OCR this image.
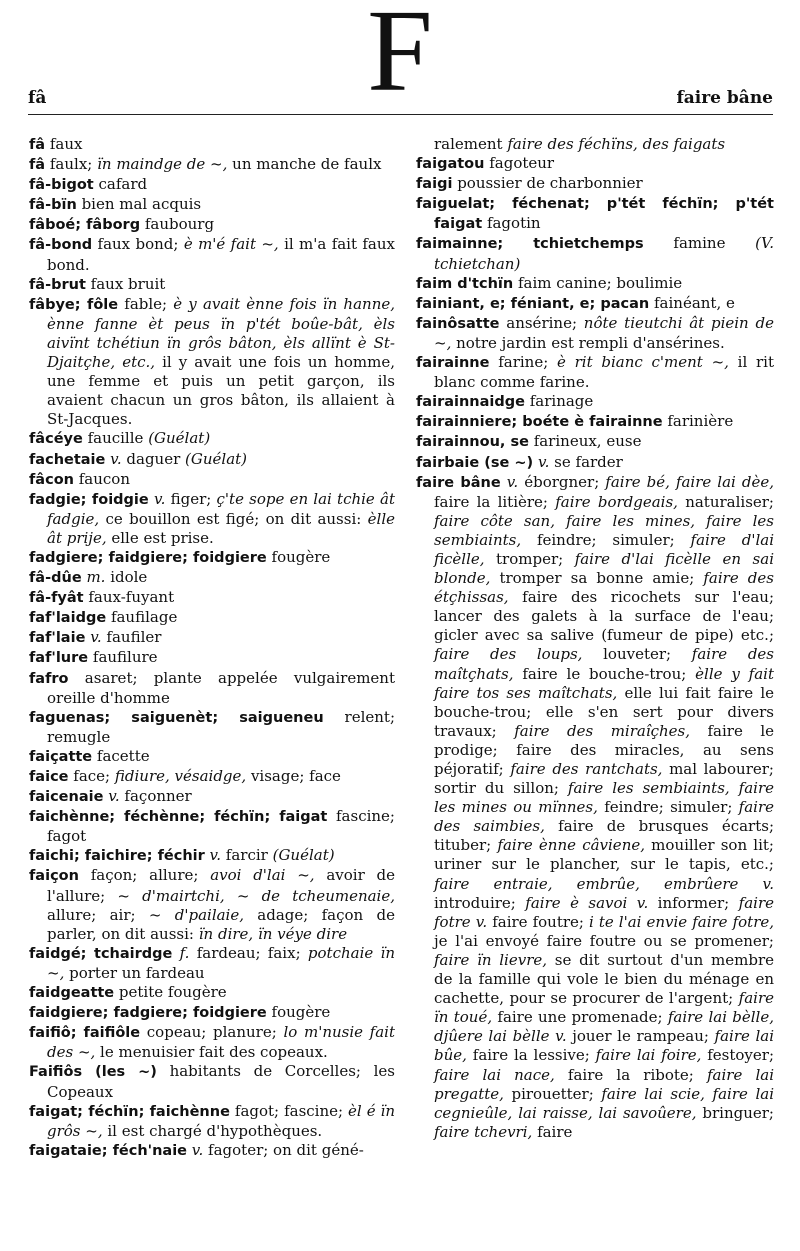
F
fâ	faire bâne

fâ faux

fâ faulx; ïn maindge de ~, un manche de faulx

fâ-bigot cafard

fâ-bïn bien mal acquis

fâboé; fâborg faubourg

fâ-bond faux bond; è m'é fait ~, il m'a fait faux bond.

fâ-brut faux bruit

fâbye; fôle fable; è y avait ènne fois ïn hanne, ènne fanne èt peus ïn p'tét boûe-bât, èls aivïnt tchétiun ïn grôs bâton, èls allïnt è St-Djaitçhe, etc., il y avait une fois un homme, une femme et puis un petit garçon, ils avaient chacun un gros bâton, ils allaient à St-Jacques.

fâcéye faucille (Guélat)

fachetaie v. daguer (Guélat)

fâcon faucon

fadgie; foidgie v. figer; ç'te sope en lai tchie ât fadgie, ce bouillon est figé; on dit aussi: èlle ât prije, elle est prise.

fadgiere; faidgiere; foidgiere fougère

fâ-dûe m. idole

fâ-fyât faux-fuyant

faf'laidge faufilage

faf'laie v. faufiler

faf'lure faufilure

fafro asaret; plante appelée vulgairement oreille d'homme

faguenas; saiguenèt; saigueneu relent; remugle

faiçatte facette

faice face; fidiure, vésaidge, visage; face

faicenaie v. façonner

faichènne; féchènne; féchïn; faigat fascine; fagot

faichi; faichire; féchir v. farcir (Guélat)

faiçon façon; allure; avoi d'lai ~, avoir de l'allure; ~ d'mairtchi, ~ de tcheumenaie, allure; air; ~ d'pailaie, adage; façon de parler, on dit aussi: ïn dire, ïn véye dire

faidgé; tchairdge f. fardeau; faix; potchaie ïn ~, porter un fardeau

faidgeatte petite fougère

faidgiere; fadgiere; foidgiere fougère

faifiô; faifiôle copeau; planure; lo m'nusie fait des ~, le menuisier fait des copeaux.

Faifiôs (les ~) habitants de Corcelles; les Copeaux

faigat; féchïn; faichènne fagot; fascine; èl é ïn grôs ~, il est chargé d'hypothèques.

faigataie; féch'naie v. fagoter; on dit géné-

ralement faire des féchïns, des faigats

faigatou fagoteur

faigi poussier de charbonnier

faiguelat; féchenat; p'tét féchïn; p'tét faigat fagotin

faimainne; tchietchemps famine (V. tchietchan)

faim d'tchïn faim canine; boulimie

fainiant, e; féniant, e; pacan fainéant, e

fainôsatte ansérine; nôte tieutchi ât piein de ~, notre jardin est rempli d'ansérines.

fairainne farine; è rit bianc c'ment ~, il rit blanc comme farine.

fairainnaidge farinage

fairainniere; boéte è fairainne farinière

fairainnou, se farineux, euse

fairbaie (se ~) v. se farder

faire bâne v. éborgner; faire bé, faire lai dèe, faire la litière; faire bordgeais, naturaliser; faire côte san, faire les mines, faire les sembiaints, feindre; simuler; faire d'lai ficèlle, tromper; faire d'lai ficèlle en sai blonde, tromper sa bonne amie; faire des étçhissas, faire des ricochets sur l'eau; lancer des galets à la surface de l'eau; gicler avec sa salive (fumeur de pipe) etc.; faire des loups, louveter; faire des maîtçhats, faire le bouche-trou; èlle y fait faire tos ses maîtchats, elle lui fait faire le bouche-trou; elle s'en sert pour divers travaux; faire des miraîçhes, faire le prodige; faire des miracles, au sens péjoratif; faire des rantchats, mal labourer; sortir du sillon; faire les sembiaints, faire les mines ou mïnnes, feindre; simuler; faire des saimbies, faire de brusques écarts; tituber; faire ènne câviene, mouiller son lit; uriner sur le plancher, sur le tapis, etc.; faire entraie, embrûe, embrûere v. introduire; faire è savoi v. informer; faire fotre v. faire foutre; i te l'ai envie faire fotre, je l'ai envoyé faire foutre ou se promener; faire ïn lievre, se dit surtout d'un membre de la famille qui vole le bien du ménage en cachette, pour se procurer de l'argent; faire ïn toué, faire une promenade; faire lai bèlle, djûere lai bèlle v. jouer le rampeau; faire lai bûe, faire la lessive; faire lai foire, festoyer; faire lai nace, faire la ribote; faire lai pregatte, pirouetter; faire lai scie, faire lai cegnieûle, lai raisse, lai savoûere, bringuer; faire tchevri, faire
